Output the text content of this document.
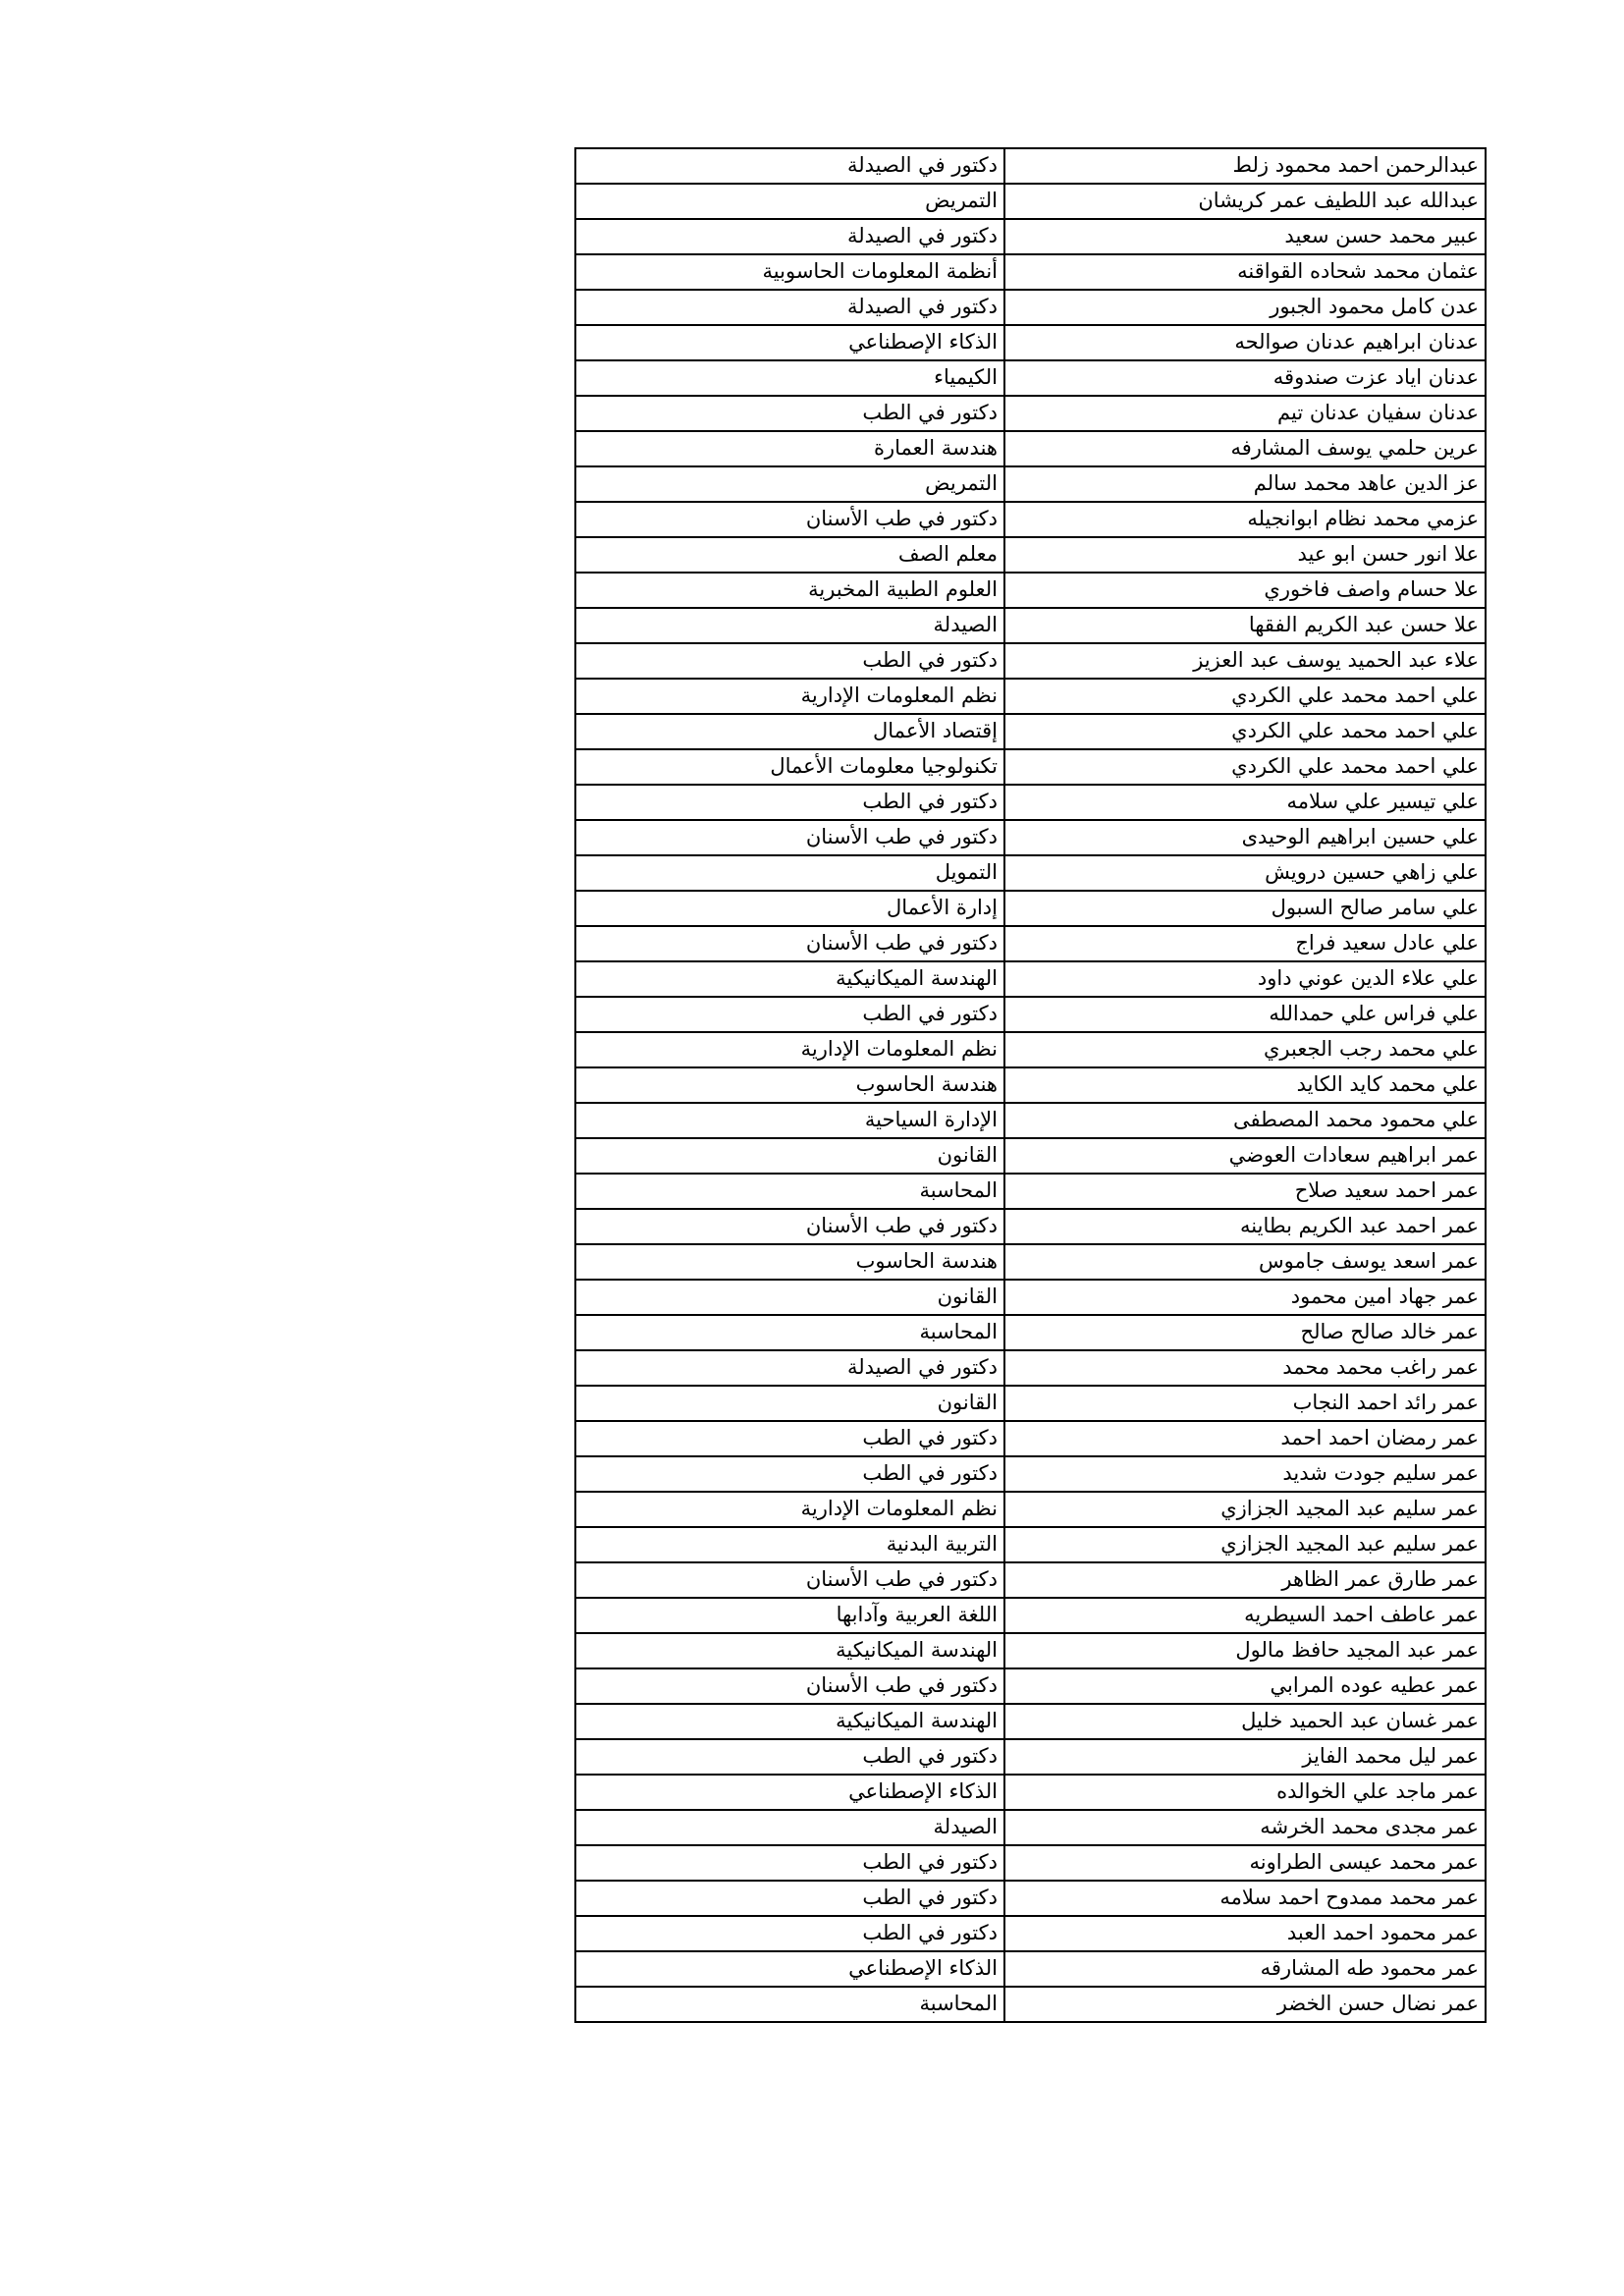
عبدالرحمن احمد محمود زلط	دكتور في الصيدلة
عبدالله عبد اللطيف عمر كريشان	التمريض
عبير محمد حسن سعيد	دكتور في الصيدلة
عثمان محمد شحاده القواقنه	أنظمة المعلومات الحاسوبية
عدن كامل محمود الجبور	دكتور في الصيدلة
عدنان ابراهيم عدنان صوالحه	الذكاء الإصطناعي
عدنان اياد عزت صندوقه	الكيمياء
عدنان سفيان عدنان تيم	دكتور في الطب
عرين حلمي يوسف المشارفه	هندسة العمارة
عز الدين عاهد محمد سالم	التمريض
عزمي محمد نظام ابوانجيله	دكتور في طب الأسنان
علا انور حسن ابو عيد	معلم الصف
علا حسام واصف فاخوري	العلوم الطبية المخبرية
علا حسن عبد الكريم الفقها	الصيدلة
علاء عبد الحميد يوسف عبد العزيز	دكتور في الطب
علي احمد محمد علي الكردي	نظم المعلومات الإدارية
علي احمد محمد علي الكردي	إقتصاد الأعمال
علي احمد محمد علي الكردي	تكنولوجيا معلومات الأعمال
علي تيسير علي سلامه	دكتور في الطب
علي حسين ابراهيم الوحيدى	دكتور في طب الأسنان
علي زاهي حسين درويش	التمويل
علي سامر صالح السبول	إدارة الأعمال
علي عادل سعيد فراج	دكتور في طب الأسنان
علي علاء الدين عوني داود	الهندسة الميكانيكية
علي فراس علي حمدالله	دكتور في الطب
علي محمد رجب الجعبري	نظم المعلومات الإدارية
علي محمد كايد الكايد	هندسة الحاسوب
علي محمود محمد المصطفى	الإدارة السياحية
عمر ابراهيم سعادات العوضي	القانون
عمر احمد سعيد صلاح	المحاسبة
عمر احمد عبد الكريم بطاينه	دكتور في طب الأسنان
عمر اسعد يوسف جاموس	هندسة الحاسوب
عمر جهاد امين محمود	القانون
عمر خالد صالح صالح	المحاسبة
عمر راغب محمد محمد	دكتور في الصيدلة
عمر رائد احمد النجاب	القانون
عمر رمضان احمد احمد	دكتور في الطب
عمر سليم جودت شديد	دكتور في الطب
عمر سليم عبد المجيد الجزازي	نظم المعلومات الإدارية
عمر سليم عبد المجيد الجزازي	التربية البدنية
عمر طارق عمر الظاهر	دكتور في طب الأسنان
عمر عاطف احمد السيطريه	اللغة العربية وآدابها
عمر عبد المجيد حافظ مالول	الهندسة الميكانيكية
عمر عطيه عوده المرابي	دكتور في طب الأسنان
عمر غسان عبد الحميد خليل	الهندسة الميكانيكية
عمر ليل محمد الفايز	دكتور في الطب
عمر ماجد علي الخوالده	الذكاء الإصطناعي
عمر مجدى محمد الخرشه	الصيدلة
عمر محمد عيسى الطراونه	دكتور في الطب
عمر محمد ممدوح احمد سلامه	دكتور في الطب
عمر محمود احمد العبد	دكتور في الطب
عمر محمود طه المشارقه	الذكاء الإصطناعي
عمر نضال حسن الخضر	المحاسبة
